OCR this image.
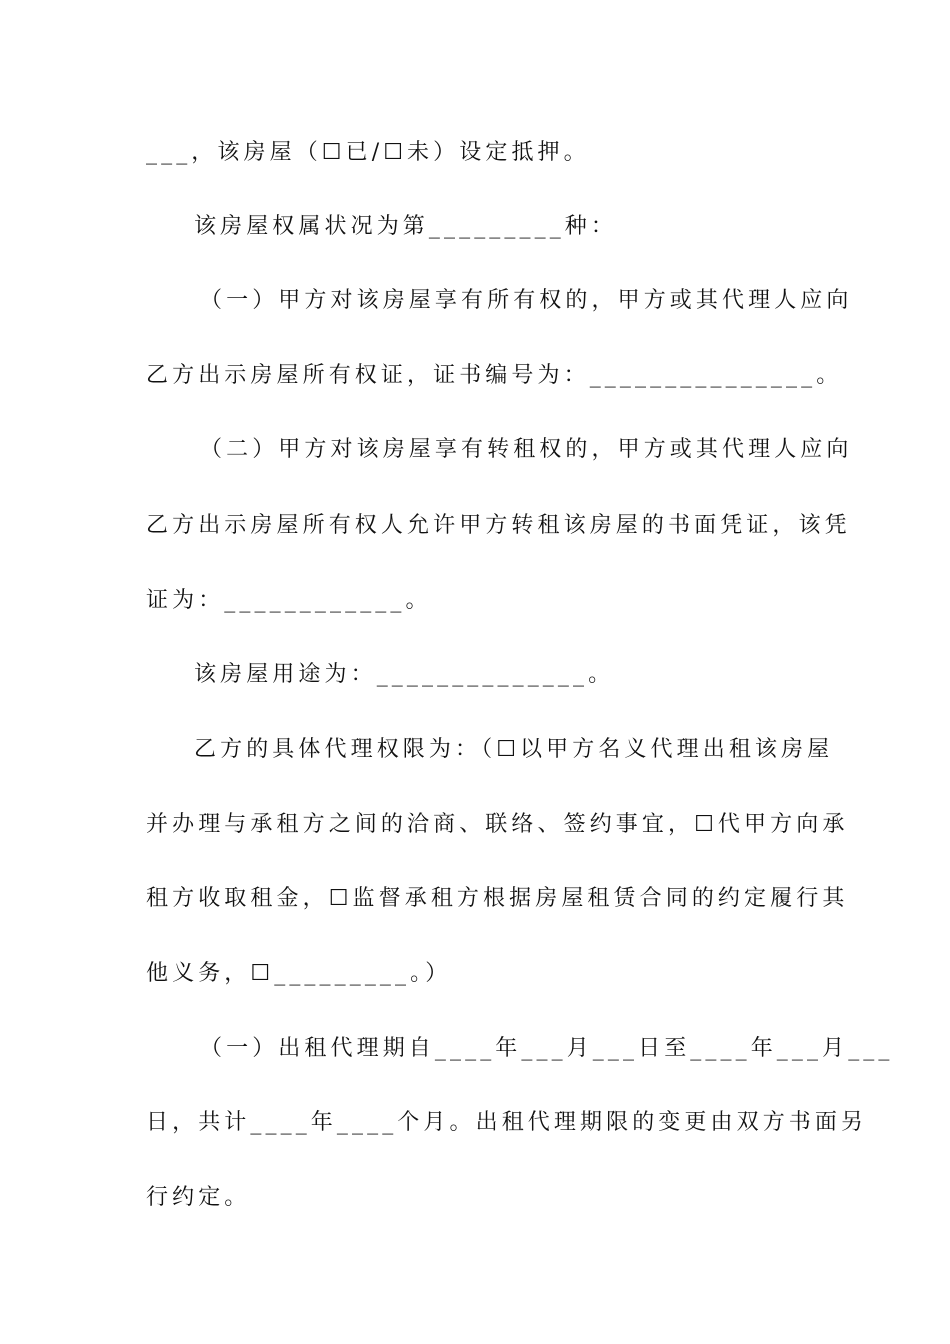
___，该房屋（☐已/☐未）设定抵押。
该房屋权属状况为第_________种：
（一）甲方对该房屋享有所有权的，甲方或其代理人应向
乙方出示房屋所有权证，证书编号为：_______________。
（二）甲方对该房屋享有转租权的，甲方或其代理人应向
乙方出示房屋所有权人允许甲方转租该房屋的书面凭证，该凭
证为：____________。
该房屋用途为：______________。
乙方的具体代理权限为：（☐以甲方名义代理出租该房屋
并办理与承租方之间的洽商、联络、签约事宜，☐代甲方向承
租方收取租金，☐监督承租方根据房屋租赁合同的约定履行其
他义务，☐_________。）
（一）出租代理期自____年___月___日至____年___月___
日，共计____年____个月。出租代理期限的变更由双方书面另
行约定。
